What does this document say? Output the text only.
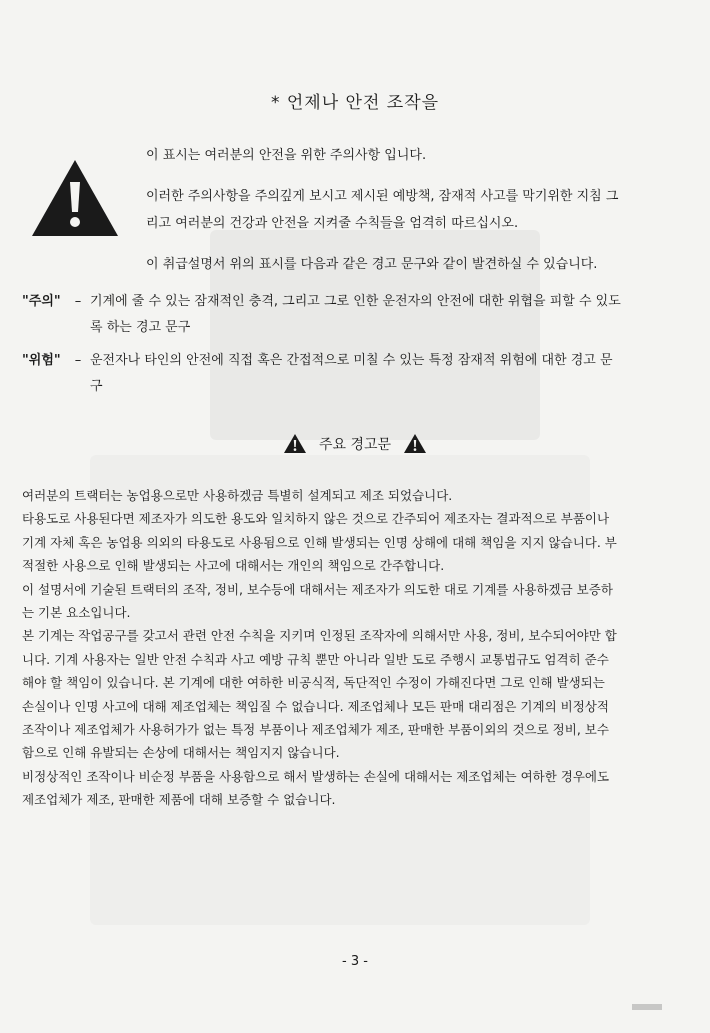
* 언제나 안전 조작을

이 표시는 여러분의 안전을 위한 주의사항 입니다.

이러한 주의사항을 주의깊게 보시고 제시된 예방책, 잠재적 사고를 막기위한 지침 그리고 여러분의 건강과 안전을 지켜줄 수칙들을 엄격히 따르십시오.

이 취급설명서 위의 표시를 다음과 같은 경고 문구와 같이 발견하실 수 있습니다.

"주의"	– 기계에 줄 수 있는 잠재적인 충격, 그리고 그로 인한 운전자의 안전에 대한 위협을 피할 수 있도록 하는 경고 문구
"위험"	– 운전자나 타인의 안전에 직접 혹은 간접적으로 미칠 수 있는 특정 잠재적 위험에 대한 경고 문구
주요 경고문

여러분의 트랙터는 농업용으로만 사용하겠금 특별히 설계되고 제조 되었습니다.

타용도로 사용된다면 제조자가 의도한 용도와 일치하지 않은 것으로 간주되어 제조자는 결과적으로 부품이나 기계 자체 혹은 농업용 의외의 타용도로 사용됨으로 인해 발생되는 인명 상해에 대해 책임을 지지 않습니다. 부적절한 사용으로 인해 발생되는 사고에 대해서는 개인의 책임으로 간주합니다.

이 설명서에 기술된 트랙터의 조작, 정비, 보수등에 대해서는 제조자가 의도한 대로 기계를 사용하겠금 보증하는 기본 요소입니다.

본 기계는 작업공구를 갖고서 관련 안전 수칙을 지키며 인정된 조작자에 의해서만 사용, 정비, 보수되어야만 합니다. 기계 사용자는 일반 안전 수칙과 사고 예방 규칙 뿐만 아니라 일반 도로 주행시 교통법규도 엄격히 준수해야 할 책임이 있습니다. 본 기계에 대한 여하한 비공식적, 독단적인 수정이 가해진다면 그로 인해 발생되는 손실이나 인명 사고에 대해 제조업체는 책임질 수 없습니다. 제조업체나 모든 판매 대리점은 기계의 비정상적 조작이나 제조업체가 사용허가가 없는 특정 부품이나 제조업체가 제조, 판매한 부품이외의 것으로 정비, 보수 함으로 인해 유발되는 손상에 대해서는 책임지지 않습니다.

비정상적인 조작이나 비순정 부품을 사용함으로 해서 발생하는 손실에 대해서는 제조업체는 여하한 경우에도 제조업체가 제조, 판매한 제품에 대해 보증할 수 없습니다.

- 3 -
